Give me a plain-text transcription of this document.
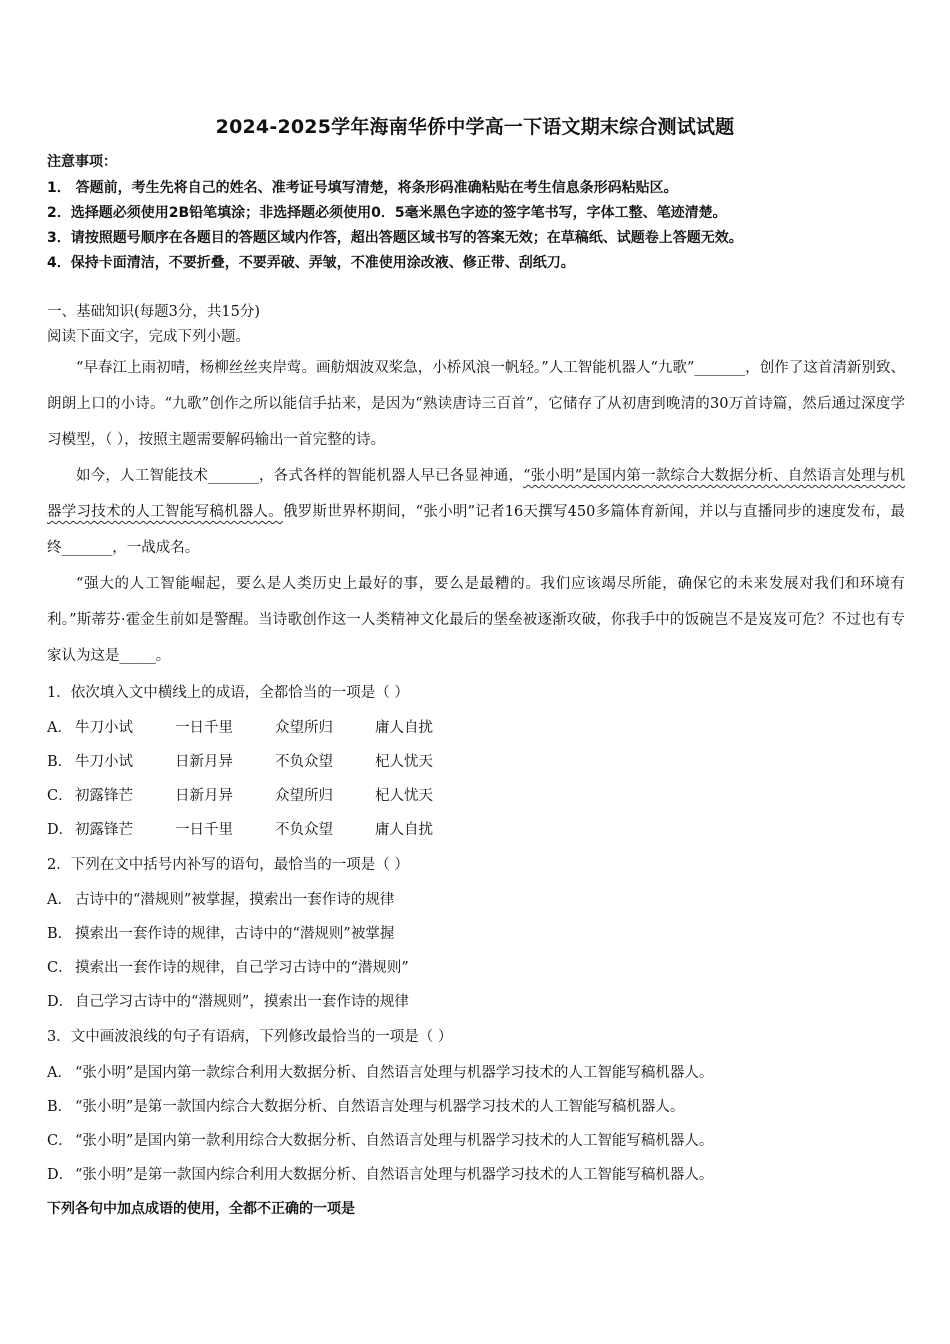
2024-2025学年海南华侨中学高一下语文期末综合测试试题
注意事项：
1． 答题前，考生先将自己的姓名、准考证号填写清楚，将条形码准确粘贴在考生信息条形码粘贴区。
2．选择题必须使用2B铅笔填涂；非选择题必须使用0．5毫米黑色字迹的签字笔书写，字体工整、笔迹清楚。
3．请按照题号顺序在各题目的答题区域内作答，超出答题区域书写的答案无效；在草稿纸、试题卷上答题无效。
4．保持卡面清洁，不要折叠，不要弄破、弄皱，不准使用涂改液、修正带、刮纸刀。
一、基础知识(每题3分，共15分)
阅读下面文字，完成下列小题。

“早春江上雨初晴，杨柳丝丝夹岸莺。画舫烟波双桨急，小桥风浪一帆轻。”人工智能机器人“九歌”_______，创作了这首清新别致、朗朗上口的小诗。“九歌”创作之所以能信手拈来，是因为“熟读唐诗三百首”，它储存了从初唐到晚清的30万首诗篇，然后通过深度学习模型，（ ），按照主题需要解码输出一首完整的诗。

如今，人工智能技术_______，各式各样的智能机器人早已各显神通，“张小明”是国内第一款综合大数据分析、自然语言处理与机器学习技术的人工智能写稿机器人。俄罗斯世界杯期间，“张小明”记者16天撰写450多篇体育新闻，并以与直播同步的速度发布，最终_______，一战成名。

“强大的人工智能崛起，要么是人类历史上最好的事，要么是最糟的。我们应该竭尽所能，确保它的未来发展对我们和环境有利。”斯蒂芬·霍金生前如是警醒。当诗歌创作这一人类精神文化最后的堡垒被逐渐攻破，你我手中的饭碗岂不是岌岌可危？不过也有专家认为这是_____。

1．依次填入文中横线上的成语，全都恰当的一项是（ ）
A． 牛刀小试	一日千里	众望所归	庸人自扰
B． 牛刀小试	日新月异	不负众望	杞人忧天
C． 初露锋芒	日新月异	众望所归	杞人忧天
D． 初露锋芒	一日千里	不负众望	庸人自扰
2．下列在文中括号内补写的语句，最恰当的一项是（ ）
A． 古诗中的“潜规则”被掌握，摸索出一套作诗的规律
B． 摸索出一套作诗的规律，古诗中的“潜规则”被掌握
C． 摸索出一套作诗的规律，自己学习古诗中的“潜规则”
D． 自己学习古诗中的“潜规则”，摸索出一套作诗的规律
3．文中画波浪线的句子有语病，下列修改最恰当的一项是（ ）
A． “张小明”是国内第一款综合利用大数据分析、自然语言处理与机器学习技术的人工智能写稿机器人。
B． “张小明”是第一款国内综合大数据分析、自然语言处理与机器学习技术的人工智能写稿机器人。
C． “张小明”是国内第一款利用综合大数据分析、自然语言处理与机器学习技术的人工智能写稿机器人。
D． “张小明”是第一款国内综合利用大数据分析、自然语言处理与机器学习技术的人工智能写稿机器人。
下列各句中加点成语的使用，全都不正确的一项是
